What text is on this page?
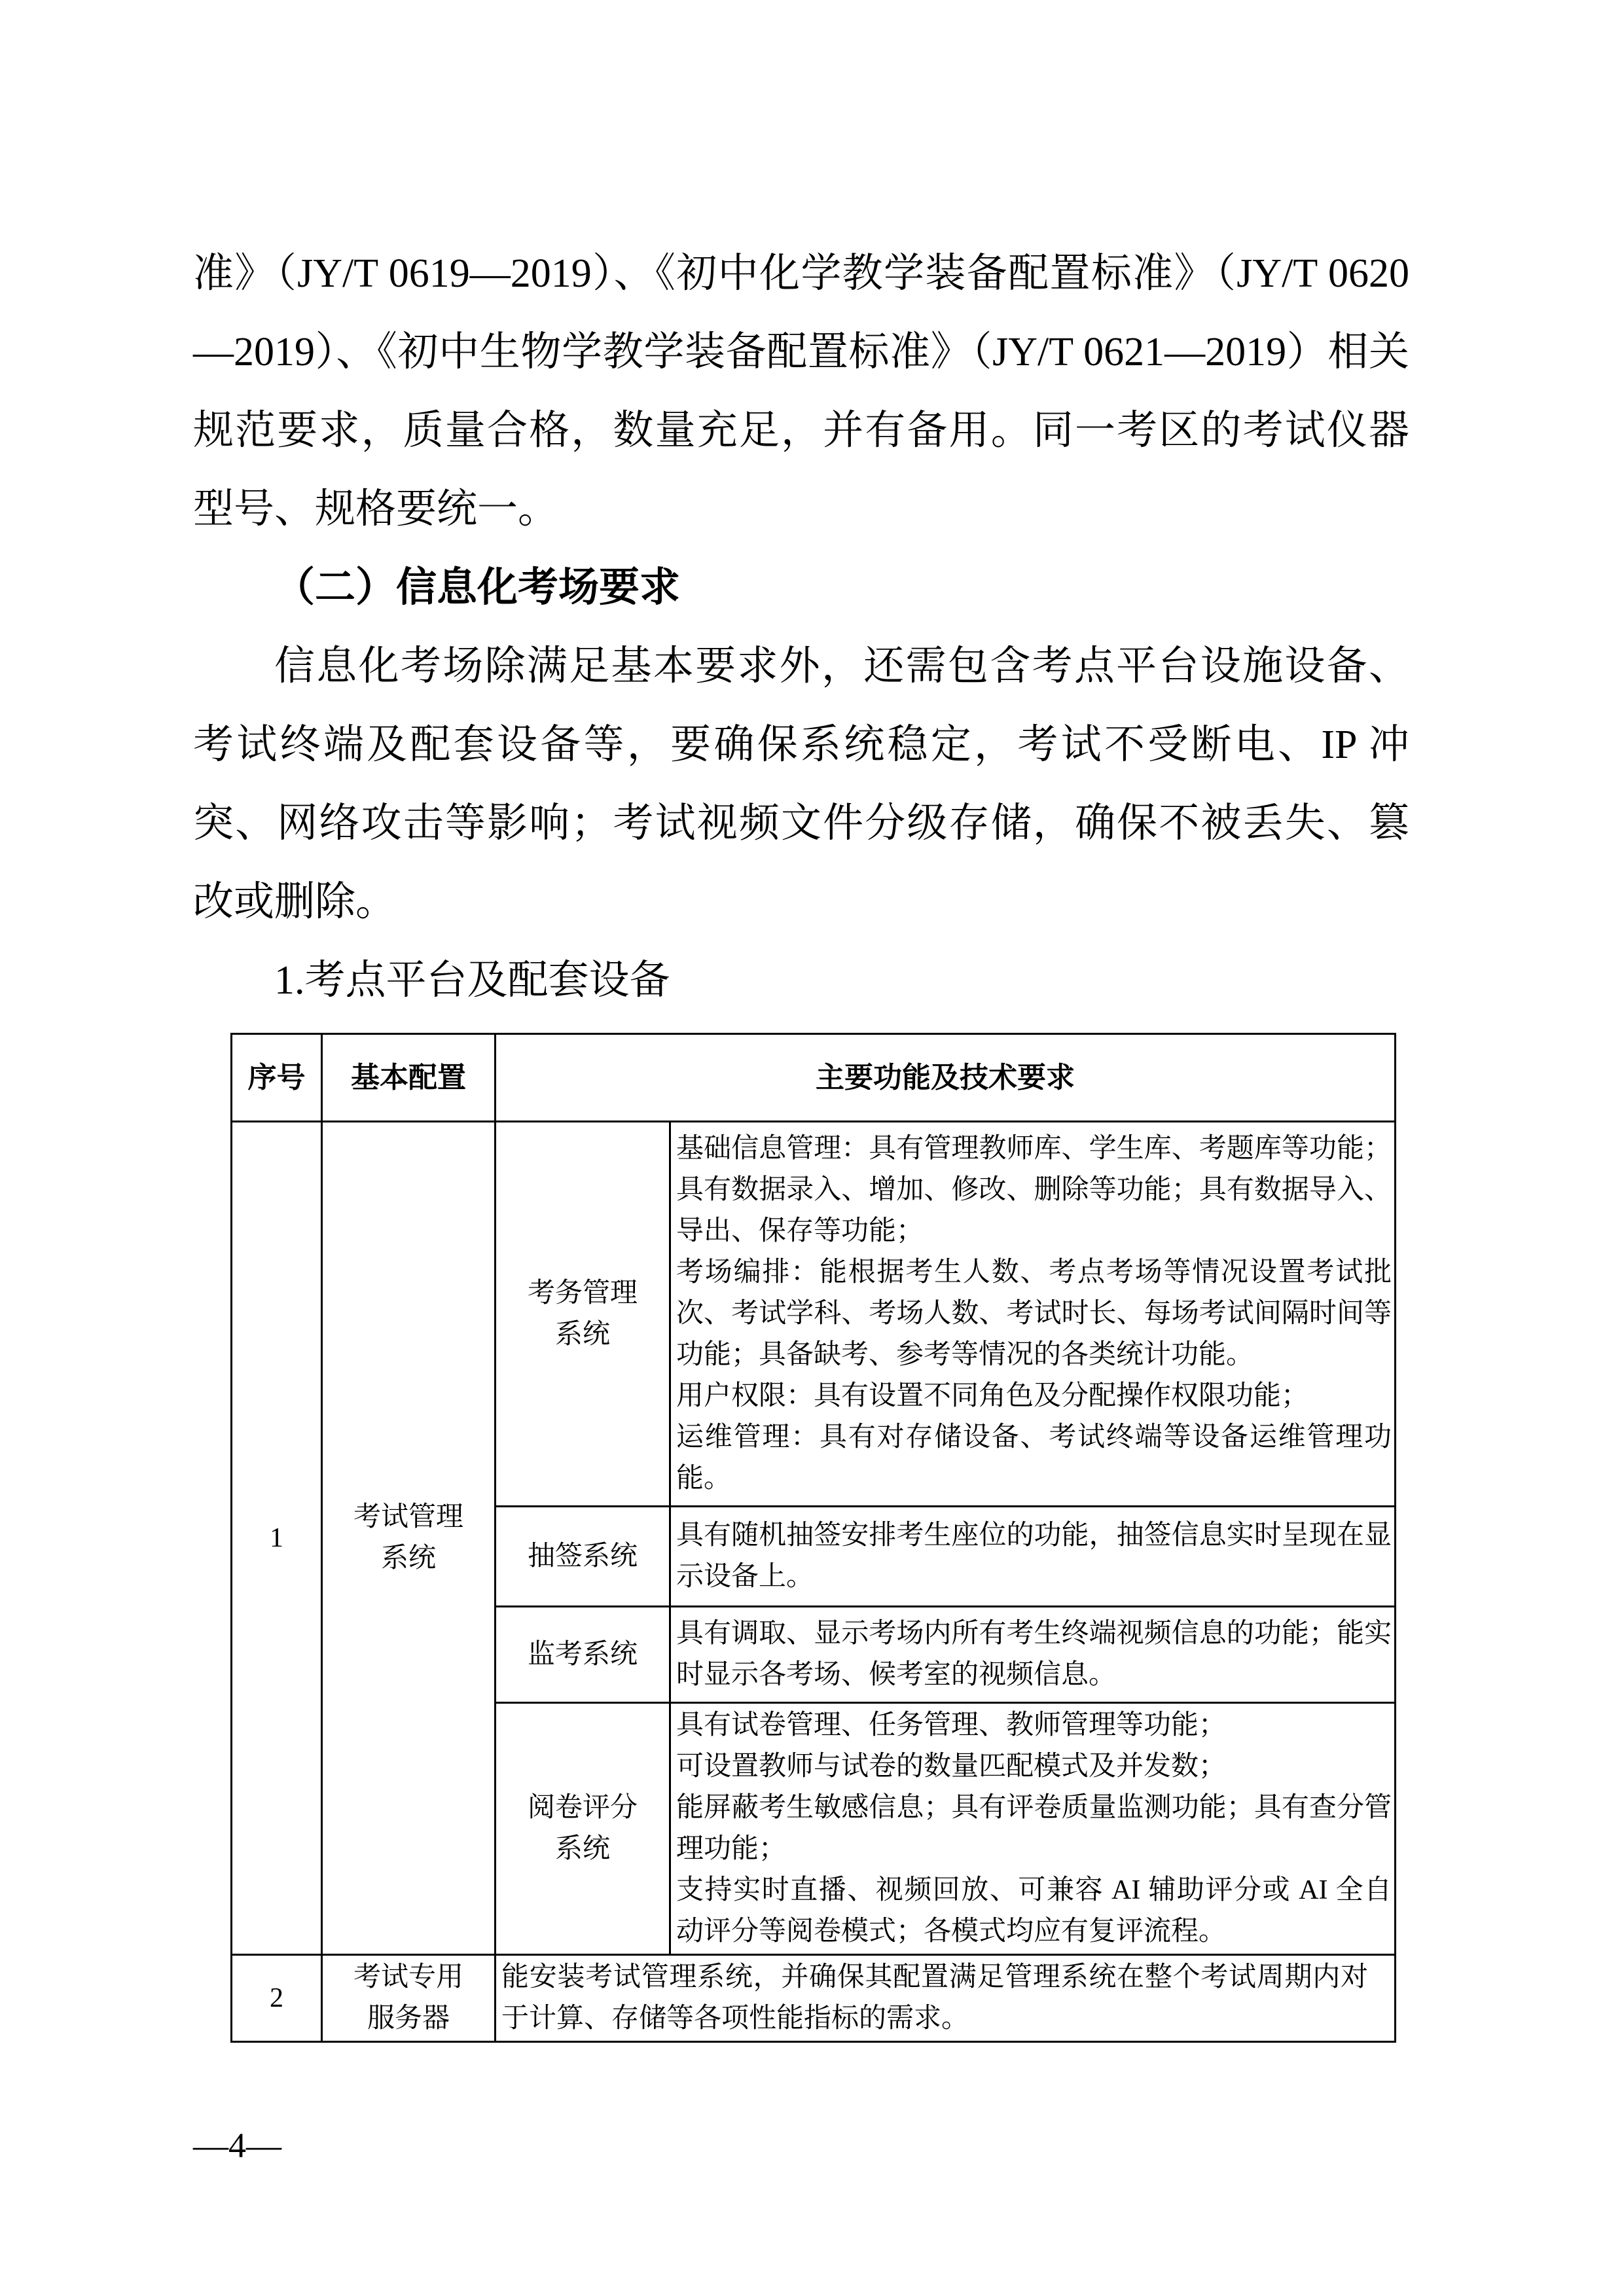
准》（JY/T 0619—2019）、《初中化学教学装备配置标准》（JY/T 0620—2019）、《初中生物学教学装备配置标准》（JY/T 0621—2019）相关规范要求，质量合格，数量充足，并有备用。同一考区的考试仪器型号、规格要统一。

（二）信息化考场要求

信息化考场除满足基本要求外，还需包含考点平台设施设备、考试终端及配套设备等，要确保系统稳定，考试不受断电、IP 冲突、网络攻击等影响；考试视频文件分级存储，确保不被丢失、篡改或删除。

1.考点平台及配套设备

序号	基本配置	主要功能及技术要求	
1	考试管理系统	考务管理系统	基础信息管理：具有管理教师库、学生库、考题库等功能；具有数据录入、增加、修改、删除等功能；具有数据导入、导出、保存等功能；

考场编排：能根据考生人数、考点考场等情况设置考试批次、考试学科、考场人数、考试时长、每场考试间隔时间等功能；具备缺考、参考等情况的各类统计功能。

用户权限：具有设置不同角色及分配操作权限功能；

运维管理：具有对存储设备、考试终端等设备运维管理功能。

		抽签系统	具有随机抽签安排考生座位的功能，抽签信息实时呈现在显示设备上。

		监考系统	具有调取、显示考场内所有考生终端视频信息的功能；能实时显示各考场、候考室的视频信息。

		阅卷评分系统	具有试卷管理、任务管理、教师管理等功能；

可设置教师与试卷的数量匹配模式及并发数；

能屏蔽考生敏感信息；具有评卷质量监测功能；具有查分管理功能；

支持实时直播、视频回放、可兼容 AI 辅助评分或 AI 全自动评分等阅卷模式；各模式均应有复评流程。

2	考试专用服务器	能安装考试管理系统，并确保其配置满足管理系统在整个考试周期内对于计算、存储等各项性能指标的需求。	
—4—
